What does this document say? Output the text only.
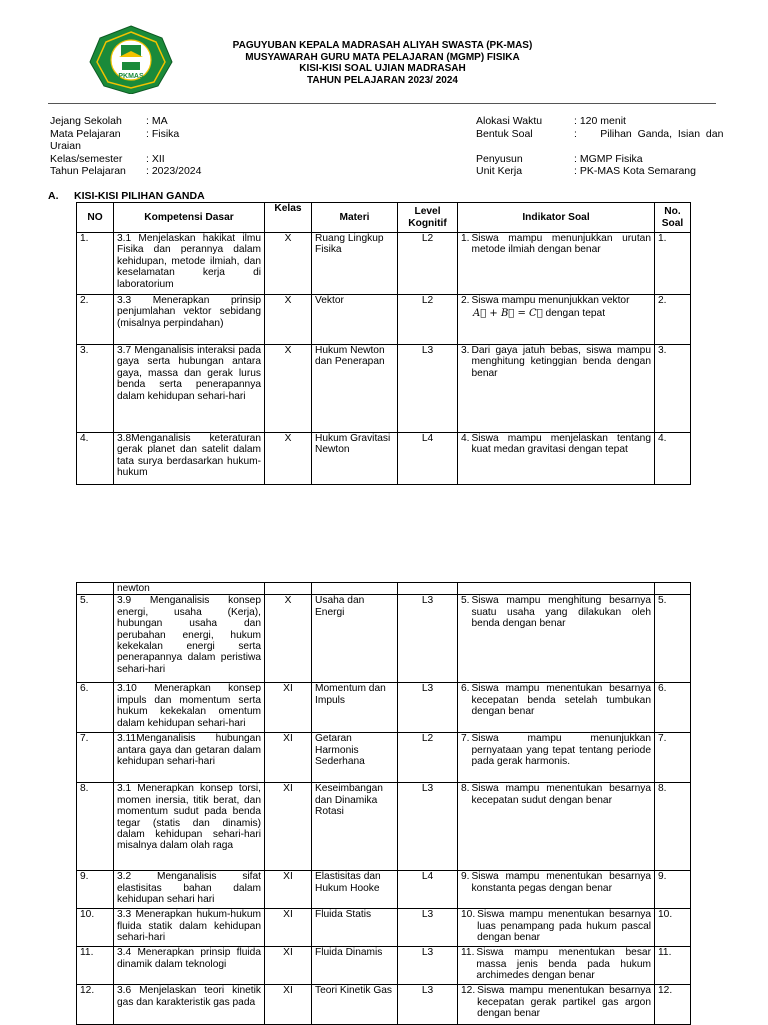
PKMAS
PAGUYUBAN KEPALA MADRASAH ALIYAH SWASTA (PK-MAS)
MUSYAWARAH GURU MATA PELAJARAN (MGMP) FISIKA
KISI-KISI SOAL UJIAN MADRASAH
TAHUN PELAJARAN 2023/ 2024
Jejang Sekolah : MA
Mata Pelajaran : Fisika
Uraian
Kelas/semester : XII
Tahun Pelajaran : 2023/2024
Alokasi Waktu	: 120 menit
Bentuk Soal	:        Pilihan  Ganda,  Isian  dan
Penyusun	: MGMP Fisika
Unit Kerja	: PK-MAS Kota Semarang
A. KISI-KISI PILIHAN GANDA
NO	Kompetensi Dasar	Kelas	Materi	Level Kognitif	Indikator Soal	No. Soal
1.	3.1 Menjelaskan hakikat ilmu Fisika dan perannya dalam kehidupan, metode ilmiah, dan keselamatan kerja di laboratorium	X	Ruang Lingkup Fisika	L2	1. Siswa mampu menunjukkan urutan metode ilmiah dengan benar	1.
2.	3.3 Menerapkan prinsip penjumlahan vektor sebidang (misalnya perpindahan)	X	Vektor	L2	2. Siswa mampu menunjukkan vektor
A⃗ + B⃗ = C⃗ dengan tepat	2.
3.	3.7 Menganalisis interaksi pada gaya serta hubungan antara gaya, massa dan gerak lurus benda serta penerapannya dalam kehidupan sehari-hari	X	Hukum Newton dan Penerapan	L3	3. Dari gaya jatuh bebas, siswa mampu menghitung ketinggian benda dengan benar	3.
4.	3.8Menganalisis keteraturan gerak planet dan satelit dalam tata surya berdasarkan hukum-hukum	X	Hukum Gravitasi Newton	L4	4. Siswa mampu menjelaskan tentang kuat medan gravitasi dengan tepat	4.
	newton					
5.	3.9 Menganalisis konsep energi, usaha (Kerja), hubungan usaha dan perubahan energi, hukum kekekalan energi serta penerapannya dalam peristiwa sehari-hari	X	Usaha dan Energi	L3	5. Siswa mampu menghitung besarnya suatu usaha yang dilakukan oleh benda dengan benar	5.
6.	3.10 Menerapkan konsep impuls dan momentum serta hukum kekekalan omentum dalam kehidupan sehari-hari	XI	Momentum dan Impuls	L3	6. Siswa mampu menentukan besarnya kecepatan benda setelah tumbukan dengan benar	6.
7.	3.11Menganalisis hubungan antara gaya dan getaran dalam kehidupan sehari-hari	XI	Getaran Harmonis Sederhana	L2	7. Siswa mampu menunjukkan pernyataan yang tepat tentang periode pada gerak harmonis.	7.
8.	3.1 Menerapkan konsep torsi, momen inersia, titik berat, dan momentum sudut pada benda tegar (statis dan dinamis) dalam kehidupan sehari-hari misalnya dalam olah raga	XI	Keseimbangan dan Dinamika Rotasi	L3	8. Siswa mampu menentukan besarnya kecepatan sudut dengan benar	8.
9.	3.2 Menganalisis sifat elastisitas bahan dalam kehidupan sehari hari	XI	Elastisitas dan Hukum Hooke	L4	9. Siswa mampu menentukan besarnya konstanta pegas dengan benar	9.
10.	3.3 Menerapkan hukum-hukum fluida statik dalam kehidupan sehari-hari	XI	Fluida Statis	L3	10. Siswa mampu menentukan besarnya luas penampang pada hukum pascal dengan benar	10.
11.	3.4 Menerapkan prinsip fluida dinamik dalam teknologi	XI	Fluida Dinamis	L3	11. Siswa mampu menentukan besar massa jenis benda pada hukum archimedes dengan benar	11.
12.	3.6 Menjelaskan teori kinetik gas dan karakteristik gas pada	XI	Teori Kinetik Gas	L3	12. Siswa mampu menentukan besarnya kecepatan gerak partikel gas argon dengan benar	12.
